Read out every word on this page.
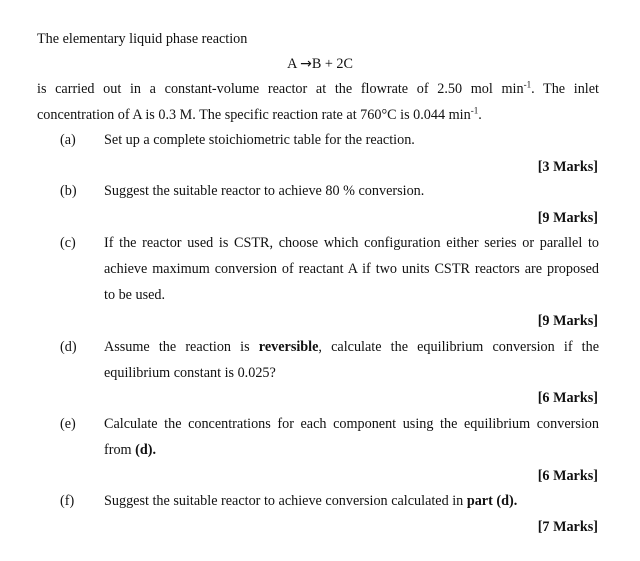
The elementary liquid phase reaction
A →B + 2C
is carried out in a constant-volume reactor at the flowrate of 2.50 mol $\min^{-1}$. The inlet
concentration of A is 0.3 M. The specific reaction rate at 760°C is 0.044 $\min^{-1}$.
(a) Set up a complete stoichiometric table for the reaction.
[3 Marks]
(b) Suggest the suitable reactor to achieve 80 % conversion.
[9 Marks]
(c) If the reactor used is CSTR, choose which configuration either series or parallel to
achieve maximum conversion of reactant A if two units CSTR reactors are proposed
to be used.
[9 Marks]
(d) Assume the reaction is reversible, calculate the equilibrium conversion if the
equilibrium constant is 0.025?
[6 Marks]
(e) Calculate the concentrations for each component using the equilibrium conversion
from (d).
[6 Marks]
(f) Suggest the suitable reactor to achieve conversion calculated in part (d).
[7 Marks]
